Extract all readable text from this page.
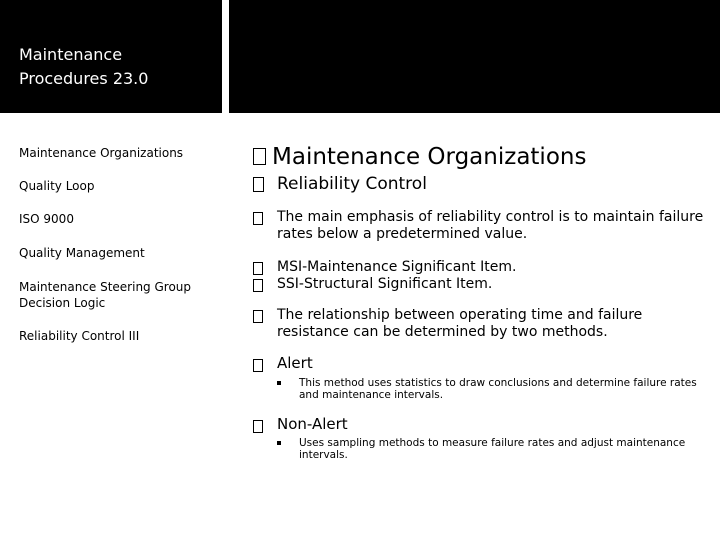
Maintenance
Procedures 23.0
Maintenance Organizations
Quality Loop
ISO 9000
Quality Management
Maintenance Steering Group Decision Logic
Reliability Control III
Maintenance Organizations
Reliability Control
The main emphasis of reliability control is to maintain failure rates below a predetermined value.
MSI-Maintenance Significant Item.
SSI-Structural Significant Item.
The relationship between operating time and failure resistance can be determined by two methods.
Alert
This method uses statistics to draw conclusions and determine failure rates and maintenance intervals.
Non-Alert
Uses sampling methods to measure failure rates and adjust maintenance intervals.
